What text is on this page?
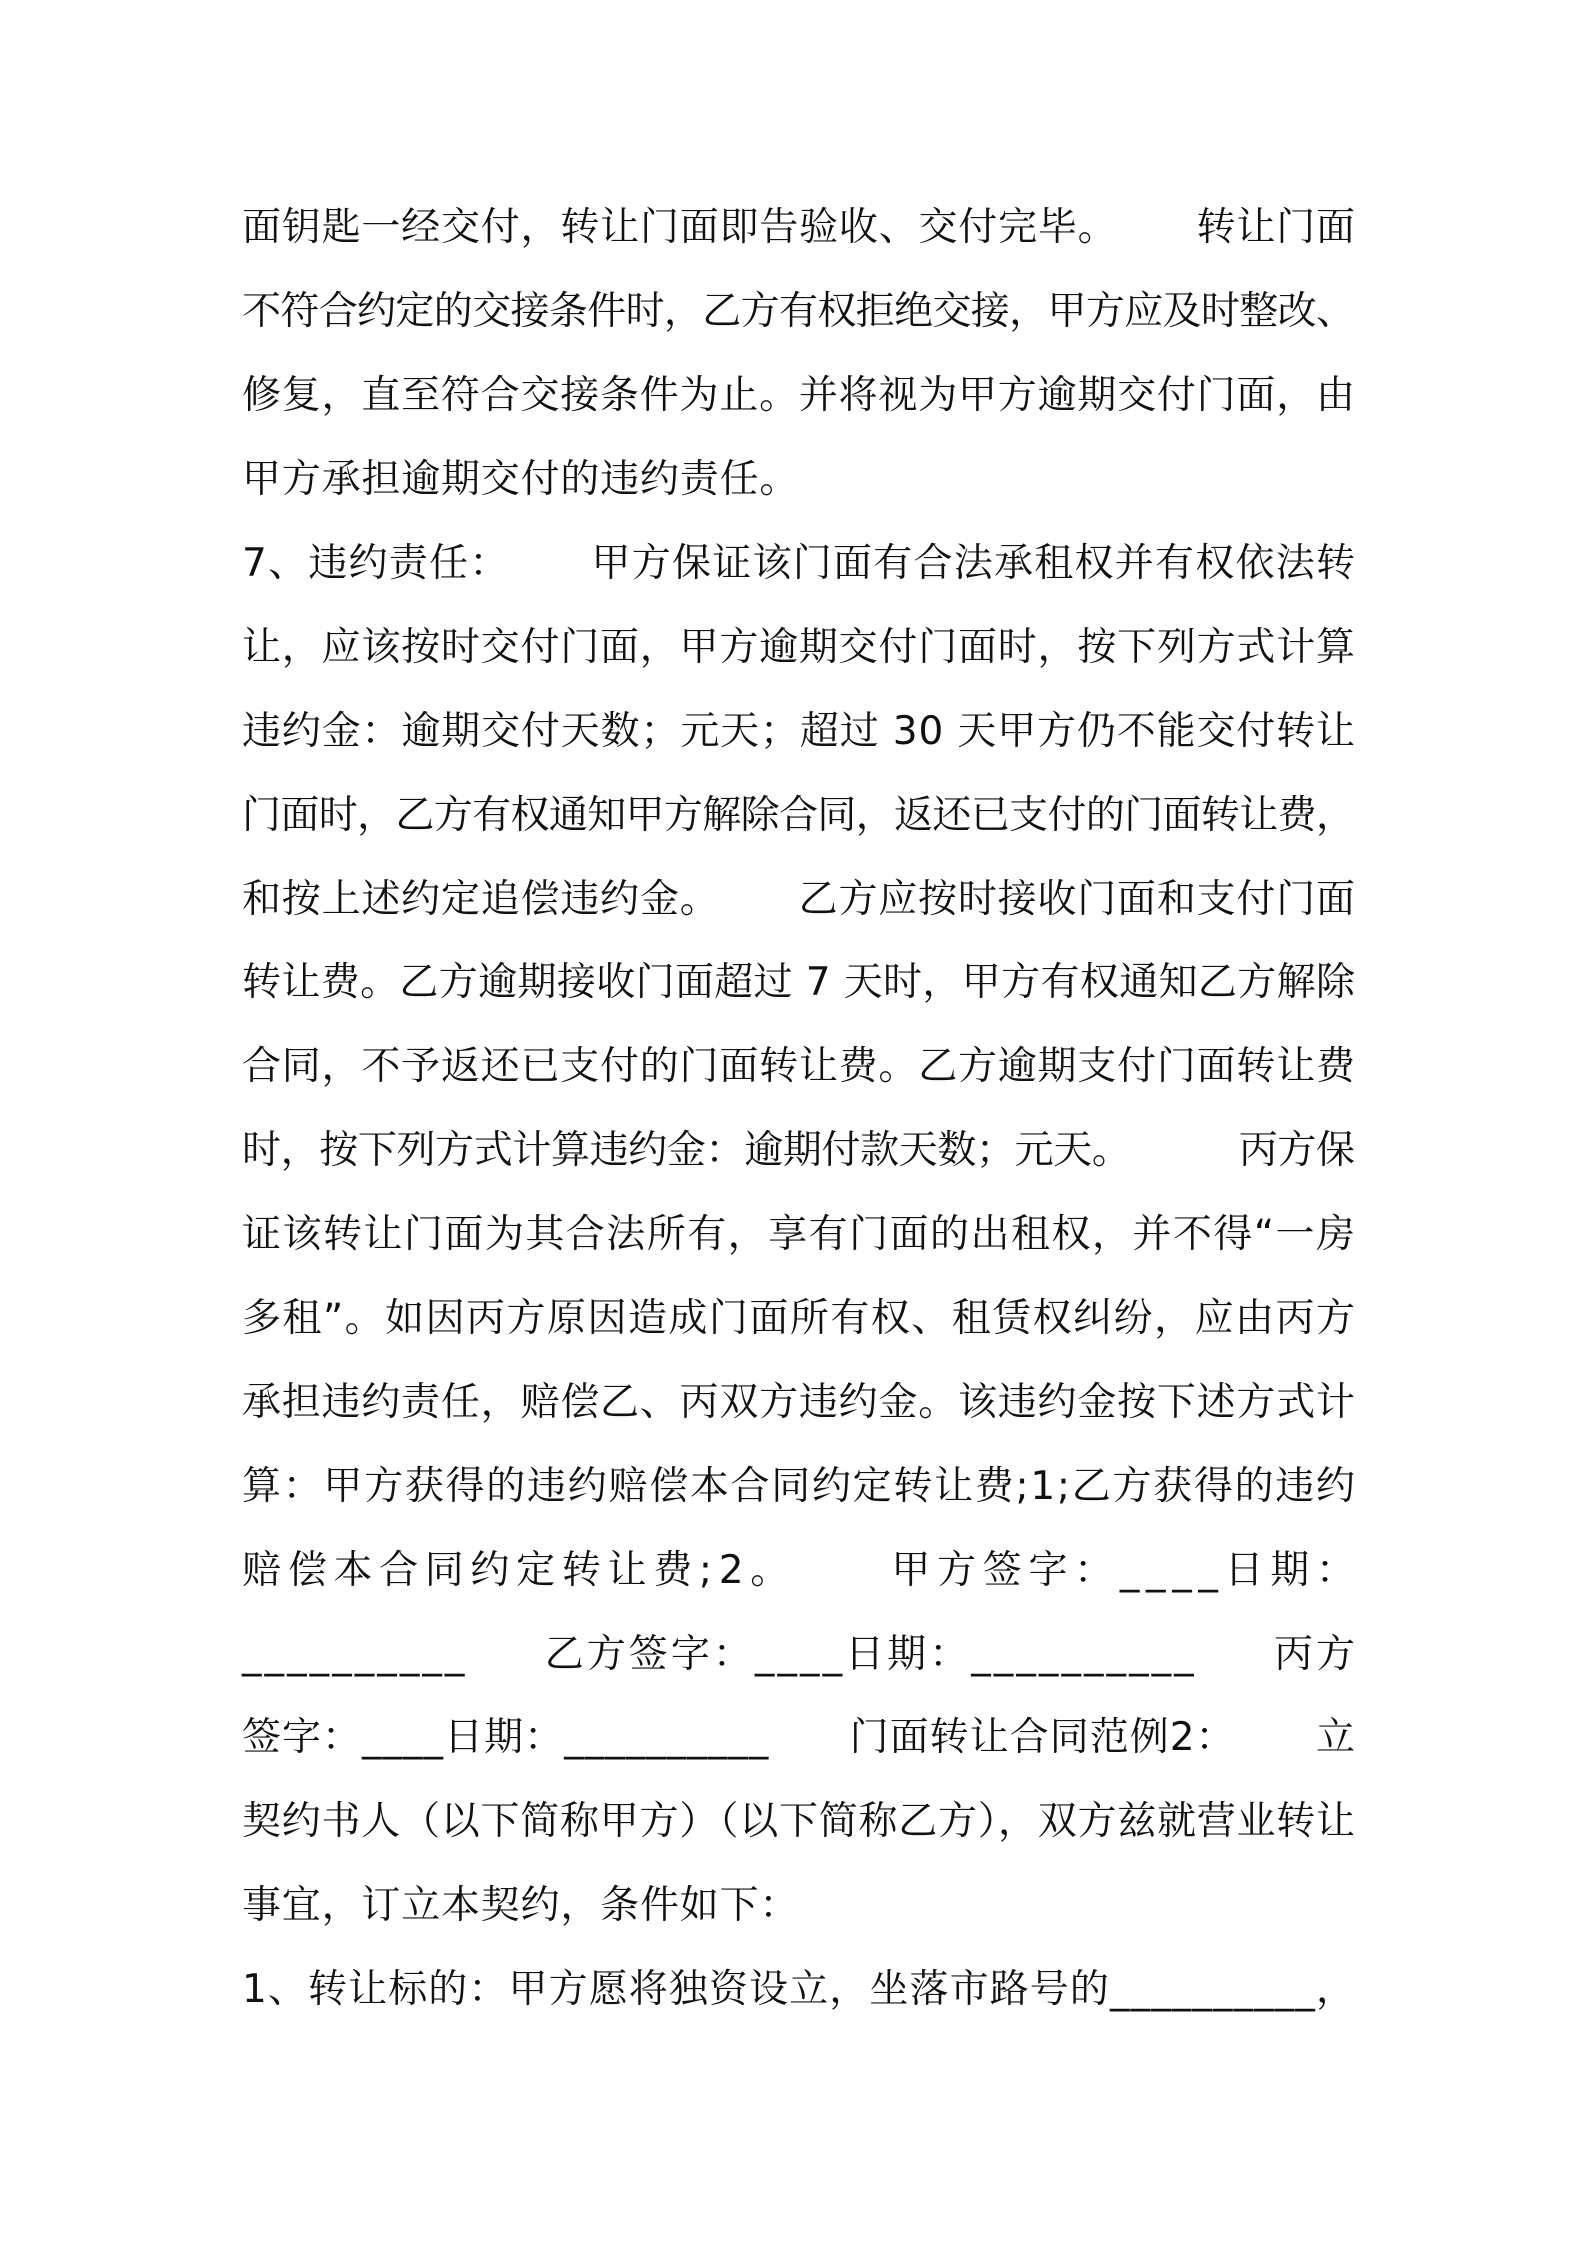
面钥匙一经交付，转让门面即告验收、交付完毕。      转让门面
不符合约定的交接条件时，乙方有权拒绝交接，甲方应及时整改、
修复，直至符合交接条件为止。并将视为甲方逾期交付门面，由
甲方承担逾期交付的违约责任。
7、违约责任：      甲方保证该门面有合法承租权并有权依法转
让，应该按时交付门面，甲方逾期交付门面时，按下列方式计算
违约金：逾期交付天数；元天；超过 30 天甲方仍不能交付转让
门面时，乙方有权通知甲方解除合同，返还已支付的门面转让费，
和按上述约定追偿违约金。      乙方应按时接收门面和支付门面
转让费。乙方逾期接收门面超过 7 天时，甲方有权通知乙方解除
合同，不予返还已支付的门面转让费。乙方逾期支付门面转让费
时，按下列方式计算违约金：逾期付款天数；元天。         丙方保
证该转让门面为其合法所有，享有门面的出租权，并不得“一房
多租”。如因丙方原因造成门面所有权、租赁权纠纷，应由丙方
承担违约责任，赔偿乙、丙双方违约金。该违约金按下述方式计
算：甲方获得的违约赔偿本合同约定转让费;1;乙方获得的违约
赔偿本合同约定转让费;2。     甲方签字：____日期：
__________     乙方签字：____日期：__________     丙方
签字：____日期：__________      门面转让合同范例2：      立
契约书人（以下简称甲方）（以下简称乙方），双方兹就营业转让
事宜，订立本契约，条件如下：
1、转让标的：甲方愿将独资设立，坐落市路号的__________，
